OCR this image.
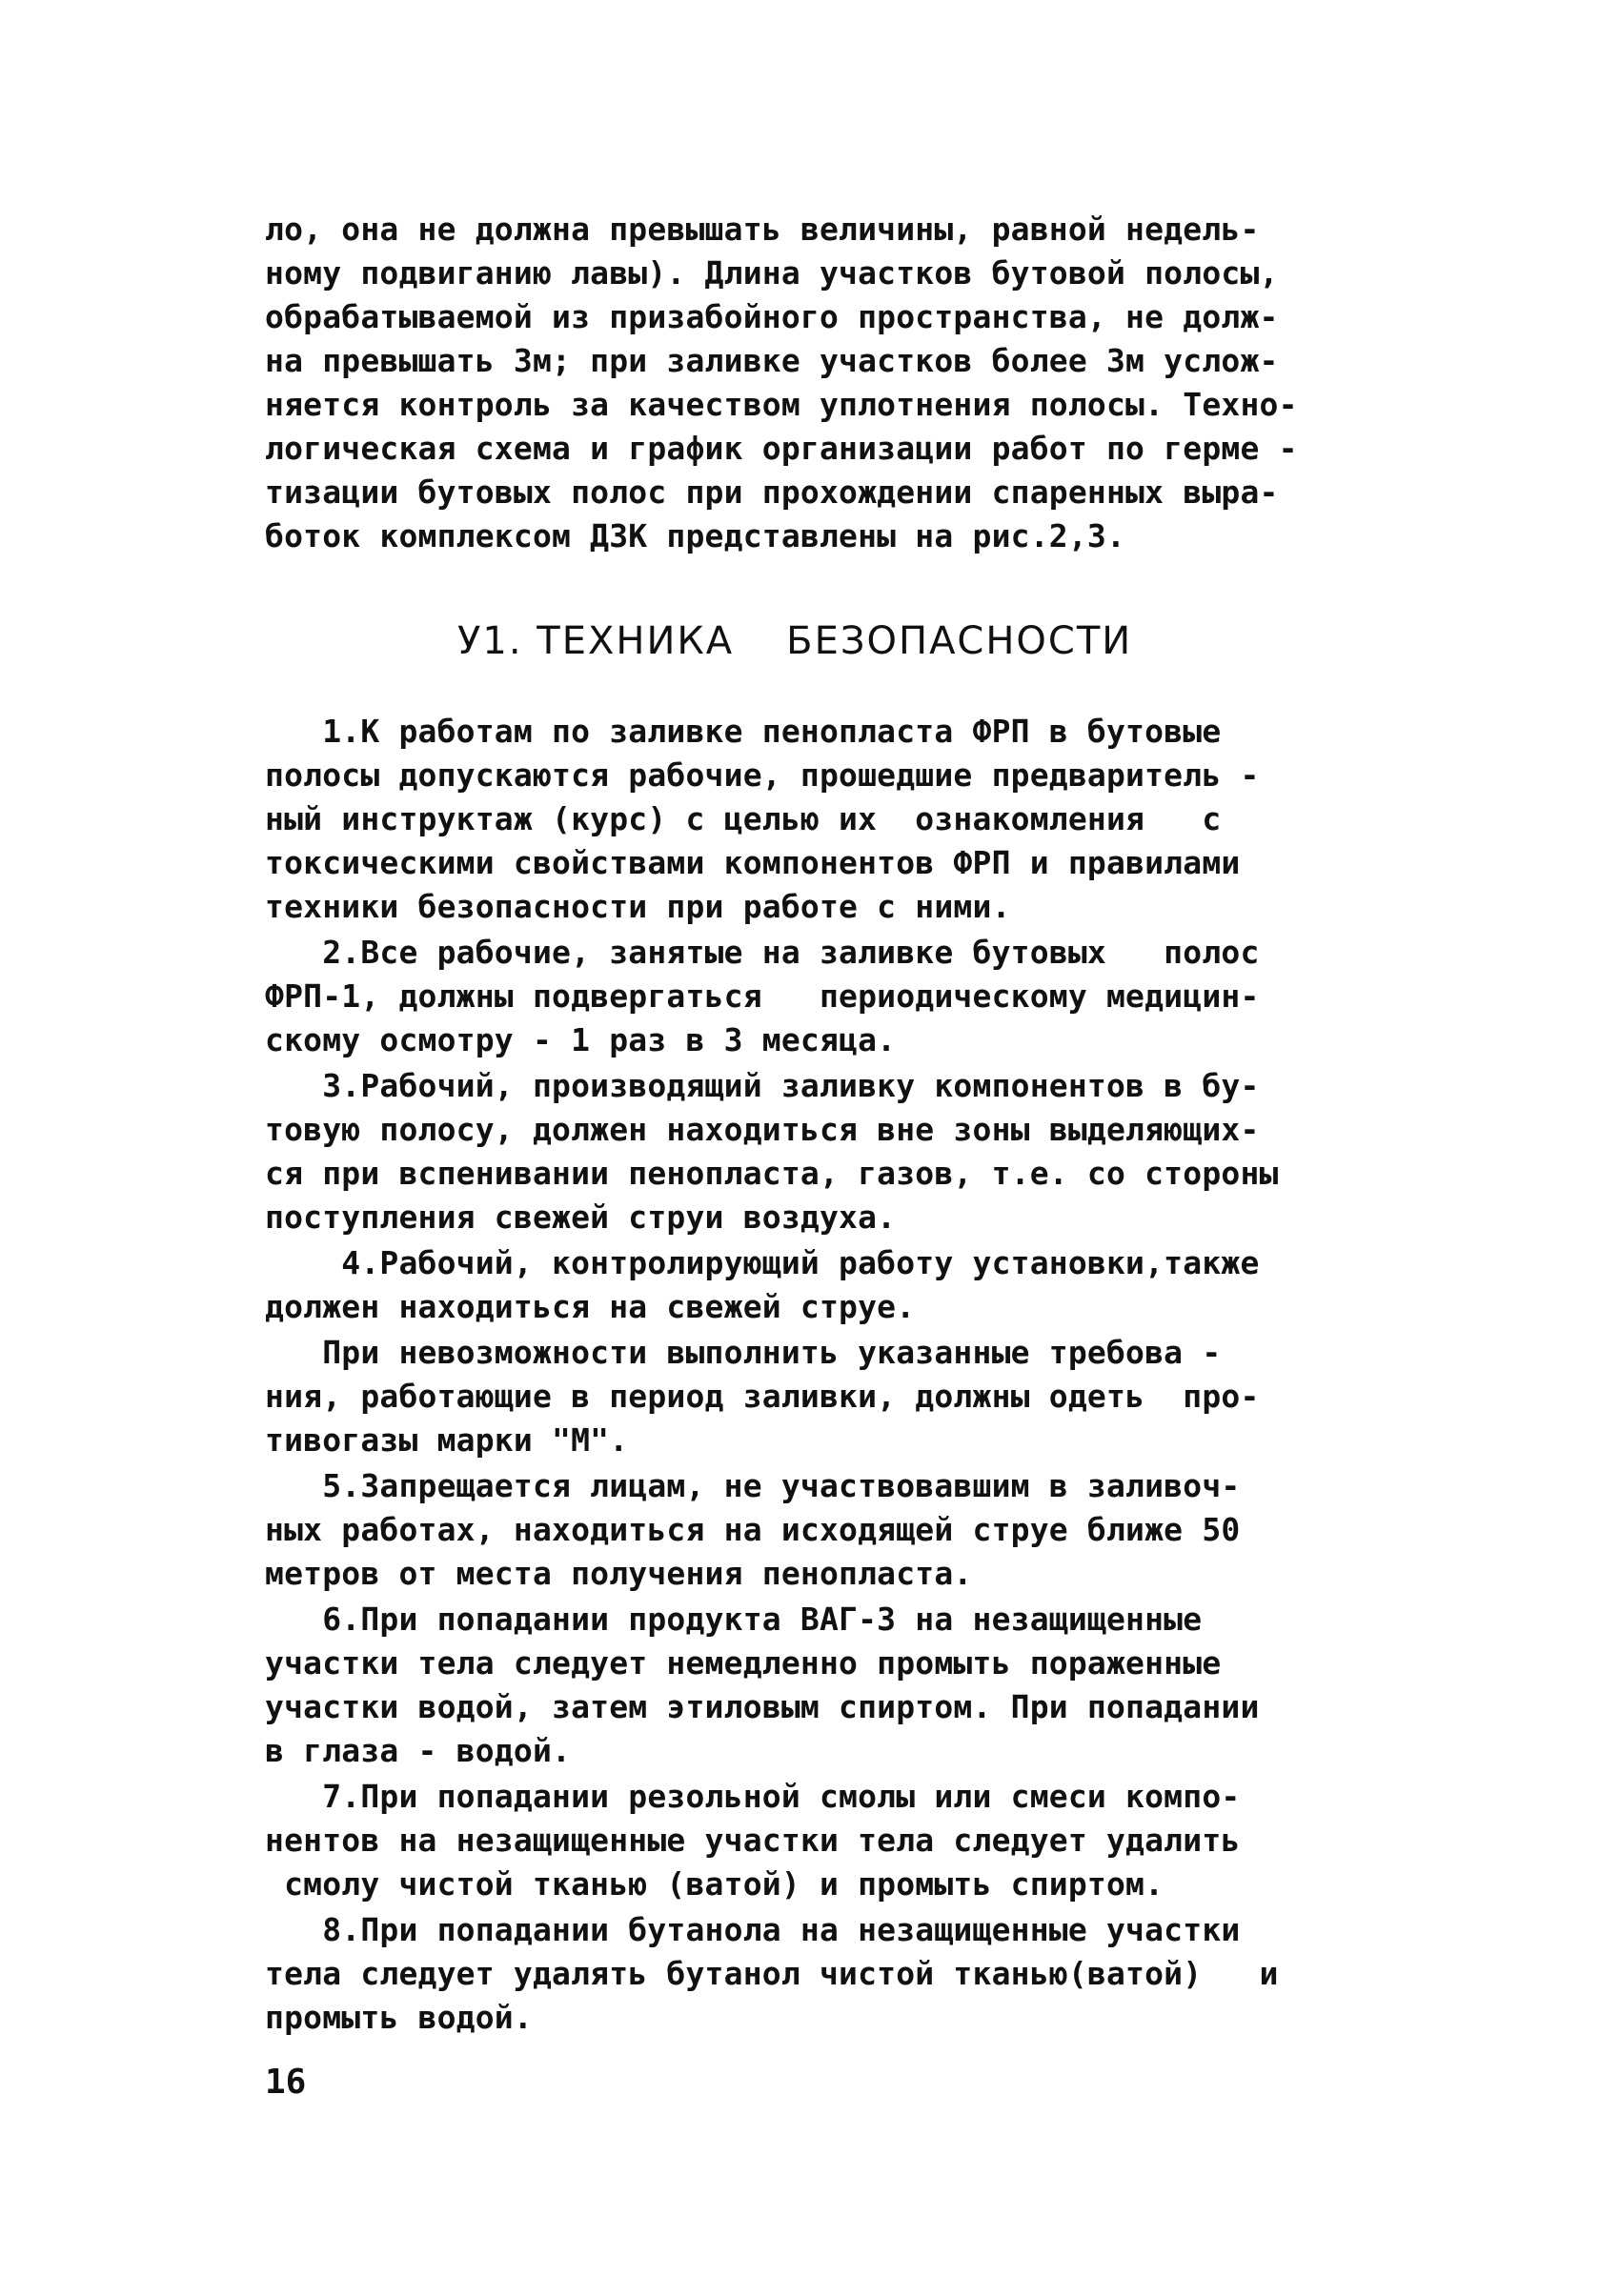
ло, она не должна превышать величины, равной недель-
ному подвиганию лавы). Длина участков бутовой полосы,
обрабатываемой из призабойного пространства, не долж-
на превышать 3м; при заливке участков более 3м услож-
няется контроль за качеством уплотнения полосы. Техно-
логическая схема и график организации работ по герме -
тизации бутовых полос при прохождении спаренных выра-
боток комплексом ДЗК представлены на рис.2,3.
У1. ТЕХНИКА БЕЗОПАСНОСТИ
1.К работам по заливке пенопласта ФРП в бутовые
полосы допускаются рабочие, прошедшие предваритель -
ный инструктаж (курс) с целью их  ознакомления   с
токсическими свойствами компонентов ФРП и правилами
техники безопасности при работе с ними.
2.Все рабочие, занятые на заливке бутовых   полос
ФРП-1, должны подвергаться   периодическому медицин-
скому осмотру - 1 раз в 3 месяца.
3.Рабочий, производящий заливку компонентов в бу-
товую полосу, должен находиться вне зоны выделяющих-
ся при вспенивании пенопласта, газов, т.е. со стороны
поступления свежей струи воздуха.
4.Рабочий, контролирующий работу установки,также
должен находиться на свежей струе.
При невозможности выполнить указанные требова -
ния, работающие в период заливки, должны одеть  про-
тивогазы марки "М".
5.Запрещается лицам, не участвовавшим в заливоч-
ных работах, находиться на исходящей струе ближе 50
метров от места получения пенопласта.
6.При попадании продукта ВАГ-3 на незащищенные
участки тела следует немедленно промыть пораженные
участки водой, затем этиловым спиртом. При попадании
в глаза - водой.
7.При попадании резольной смолы или смеси компо-
нентов на незащищенные участки тела следует удалить
смолу чистой тканью (ватой) и промыть спиртом.
8.При попадании бутанола на незащищенные участки
тела следует удалять бутанол чистой тканью(ватой)   и
промыть водой.
16
